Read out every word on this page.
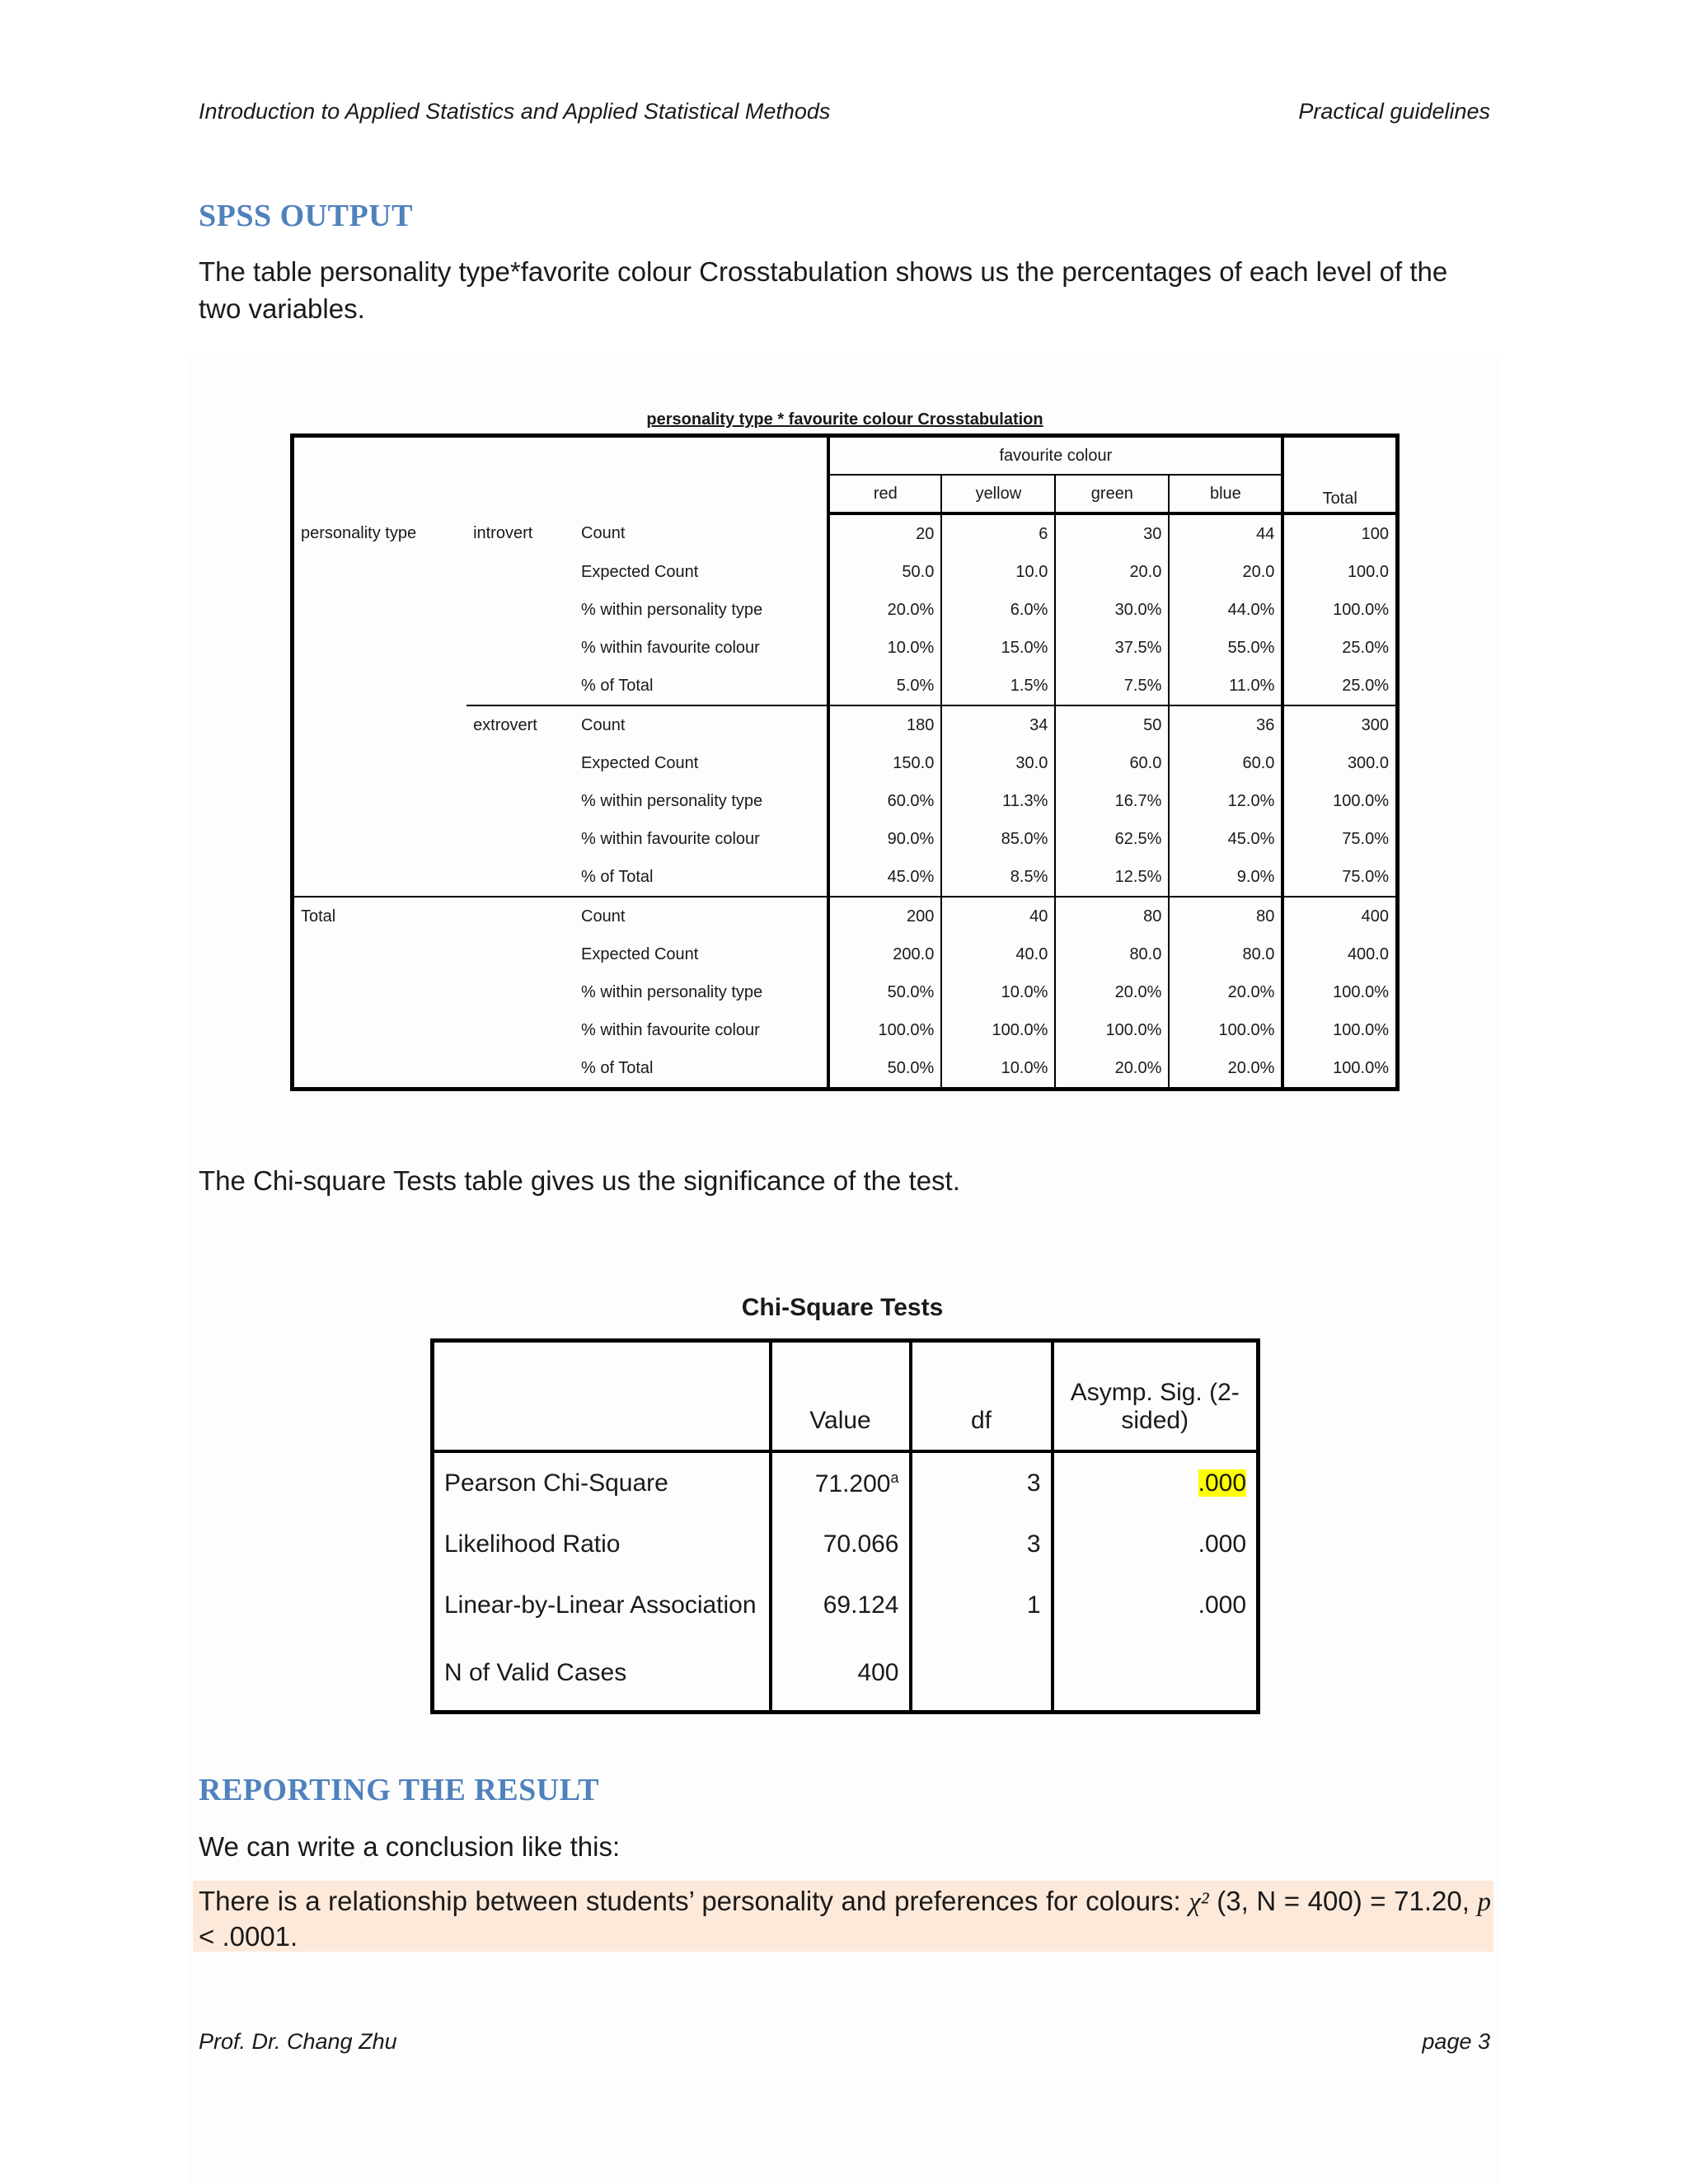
Introduction to Applied Statistics and Applied Statistical Methods	Practical guidelines
SPSS OUTPUT
The table personality type*favorite colour Crosstabulation shows us the percentages of each level of the two variables.
personality type * favourite colour Crosstabulation
			favourite colour				Total
			red	yellow	green	blue	
personality type	introvert	Count	20	6	30	44	100
		Expected Count	50.0	10.0	20.0	20.0	100.0
		% within personality type	20.0%	6.0%	30.0%	44.0%	100.0%
		% within favourite colour	10.0%	15.0%	37.5%	55.0%	25.0%
		% of Total	5.0%	1.5%	7.5%	11.0%	25.0%
	extrovert	Count	180	34	50	36	300
		Expected Count	150.0	30.0	60.0	60.0	300.0
		% within personality type	60.0%	11.3%	16.7%	12.0%	100.0%
		% within favourite colour	90.0%	85.0%	62.5%	45.0%	75.0%
		% of Total	45.0%	8.5%	12.5%	9.0%	75.0%
Total		Count	200	40	80	80	400
		Expected Count	200.0	40.0	80.0	80.0	400.0
		% within personality type	50.0%	10.0%	20.0%	20.0%	100.0%
		% within favourite colour	100.0%	100.0%	100.0%	100.0%	100.0%
		% of Total	50.0%	10.0%	20.0%	20.0%	100.0%
The Chi-square Tests table gives us the significance of the test.
Chi-Square Tests
	Value	df	Asymp. Sig. (2-sided)
Pearson Chi-Square	71.200$^a$	3	.000
Likelihood Ratio	70.066	3	.000
Linear-by-Linear Association	69.124	1	.000
N of Valid Cases	400		
REPORTING THE RESULT
We can write a conclusion like this:
There is a relationship between students’ personality and preferences for colours: χ² (3, N = 400) = 71.20, p < .0001.
Prof. Dr. Chang Zhu	page 3
